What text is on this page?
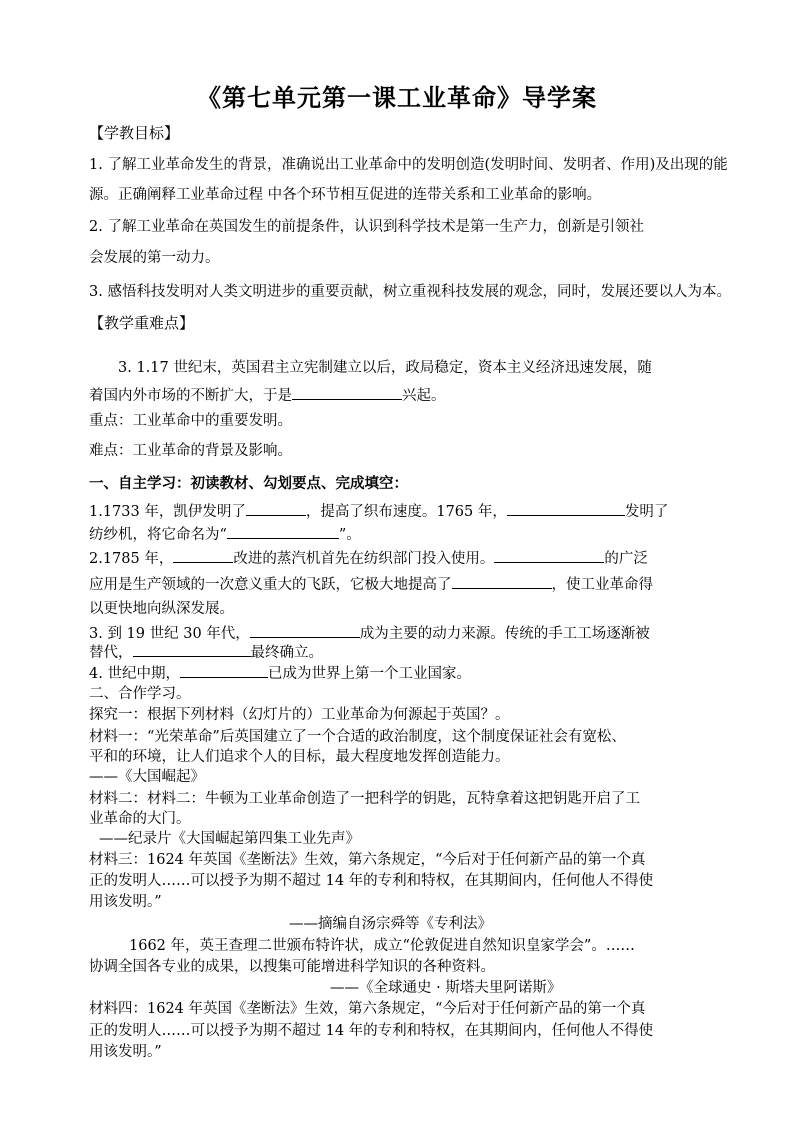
《第七单元第一课工业革命》导学案
【学教目标】
1. 了解工业革命发生的背景，准确说出工业革命中的发明创造(发明时间、发明者、作用)及出现的能
源。正确阐释工业革命过程 中各个环节相互促进的连带关系和工业革命的影响。
2. 了解工业革命在英国发生的前提条件，认识到科学技术是第一生产力，创新是引领社
会发展的第一动力。
3. 感悟科技发明对人类文明进步的重要贡献，树立重视科技发展的观念，同时，发展还要以人为本。
【教学重难点】
3. 1.17 世纪末，英国君主立宪制建立以后，政局稳定，资本主义经济迅速发展，随
着国内外市场的不断扩大，于是	兴起。
重点：工业革命中的重要发明。
难点：工业革命的背景及影响。
一、自主学习：初读教材、勾划要点、完成填空：
1.1733 年，凯伊发明了	，提高了织布速度。1765 年，	发明了
纺纱机，将它命名为“	”。
2.1785 年，	改进的蒸汽机首先在纺织部门投入使用。	的广泛
应用是生产领域的一次意义重大的飞跃，它极大地提高了	，使工业革命得
以更快地向纵深发展。
3. 到 19 世纪 30 年代，	成为主要的动力来源。传统的手工工场逐渐被
替代，	最终确立。
4. 世纪中期，	已成为世界上第一个工业国家。
二、合作学习。
探究一：根据下列材料（幻灯片的）工业革命为何源起于英国？。
材料一：“光荣革命”后英国建立了一个合适的政治制度，这个制度保证社会有宽松、
平和的环境，让人们追求个人的目标，最大程度地发挥创造能力。
——《大国崛起》
材料二：材料二：牛顿为工业革命创造了一把科学的钥匙，瓦特拿着这把钥匙开启了工
业革命的大门。
——纪录片《大国崛起第四集工业先声》
材料三：1624 年英国《垄断法》生效，第六条规定，“今后对于任何新产品的第一个真
正的发明人……可以授予为期不超过 14 年的专利和特权，在其期间内，任何他人不得使
用该发明。”
——摘编自汤宗舜等《专利法》
1662 年，英王查理二世颁布特许状，成立“伦敦促进自然知识皇家学会”。……
协调全国各专业的成果，以搜集可能增进科学知识的各种资料。
——《全球通史 · 斯塔夫里阿诺斯》
材料四：1624 年英国《垄断法》生效，第六条规定，“今后对于任何新产品的第一个真
正的发明人……可以授予为期不超过 14 年的专利和特权，在其期间内，任何他人不得使
用该发明。”
